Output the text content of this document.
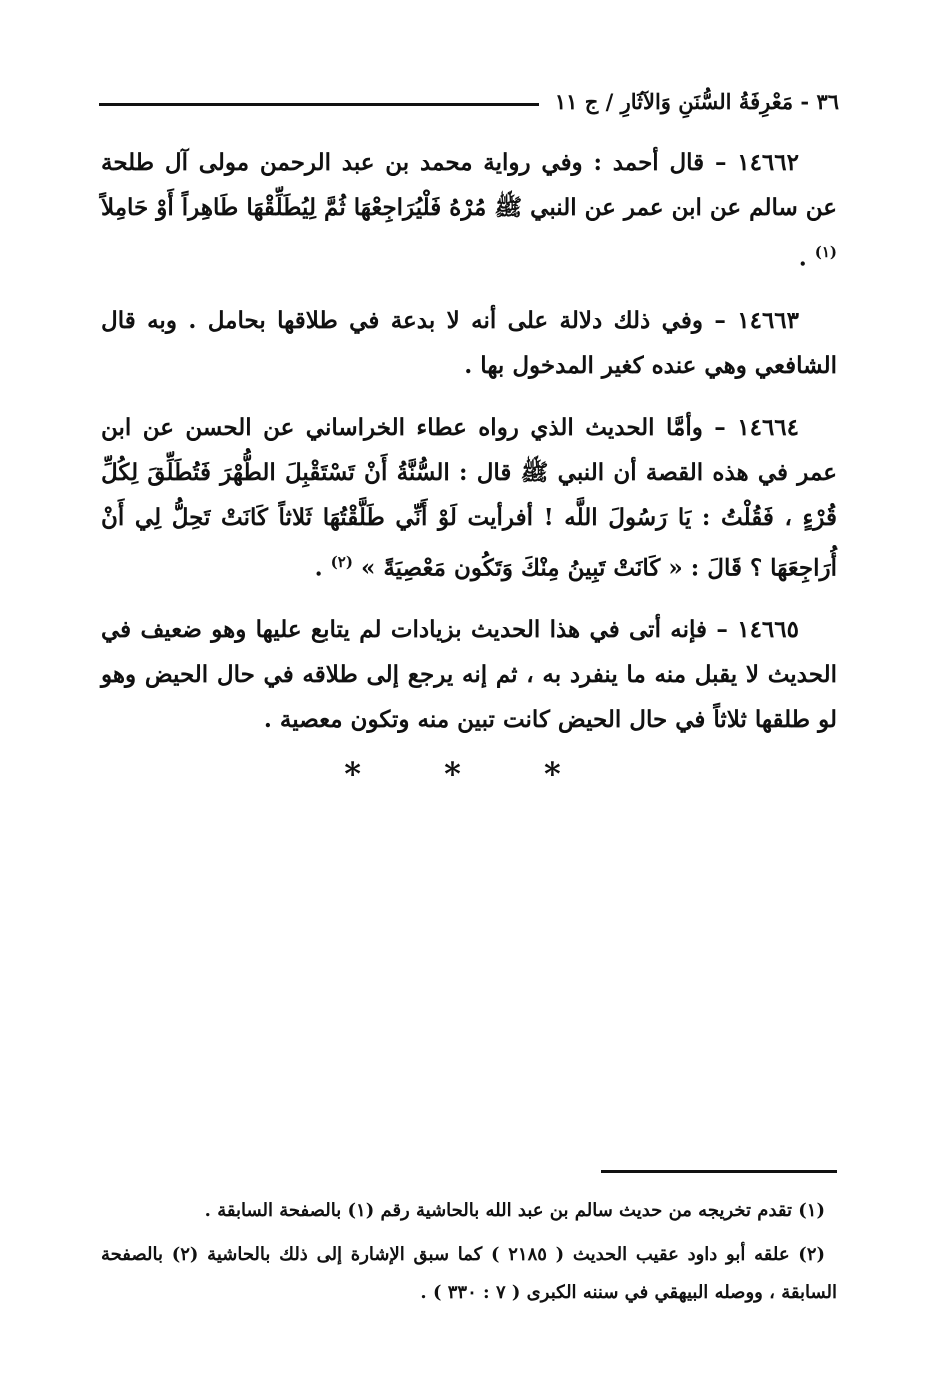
٣٦ - مَعْرِفَةُ السُّنَنِ وَالآثَارِ / ج ١١

١٤٦٦٢ – قال أحمد : وفي رواية محمد بن عبد الرحمن مولى آل طلحة عن سالم عن ابن عمر عن النبي ﷺ مُرْهُ فَلْيُرَاجِعْهَا ثُمَّ لِيُطَلِّقْهَا طَاهِراً أَوْ حَامِلاً $^{(١)}$ .

١٤٦٦٣ – وفي ذلك دلالة على أنه لا بدعة في طلاقها بحامل . وبه قال الشافعي وهي عنده كغير المدخول بها .

١٤٦٦٤ – وأمَّا الحديث الذي رواه عطاء الخراساني عن الحسن عن ابن عمر في هذه القصة أن النبي ﷺ قال : السُّنَّةُ أَنْ تَسْتَقْبِلَ الطُّهْرَ فَتُطَلِّقَ لِكُلِّ قُرْءٍ ، فَقُلْتُ : يَا رَسُولَ اللَّه ! أفرأيت لَوْ أَنِّي طَلَّقْتُهَا ثَلاثاً كَانَتْ تَحِلُّ لِي أَنْ أُرَاجِعَهَا ؟ قَالَ : « كَانَتْ تَبِينُ مِنْكَ وَتَكُون مَعْصِيَةً » $^{(٢)}$ .

١٤٦٦٥ – فإنه أتى في هذا الحديث بزيادات لم يتابع عليها وهو ضعيف في الحديث لا يقبل منه ما ينفرد به ، ثم إنه يرجع إلى طلاقه في حال الحيض وهو لو طلقها ثلاثاً في حال الحيض كانت تبين منه وتكون معصية .

* * *

(١) تقدم تخريجه من حديث سالم بن عبد الله بالحاشية رقم (١) بالصفحة السابقة .

(٢) علقه أبو داود عقيب الحديث ( ٢١٨٥ ) كما سبق الإشارة إلى ذلك بالحاشية (٢) بالصفحة السابقة ، ووصله البيهقي في سننه الكبرى ( ٧ : ٣٣٠ ) .
